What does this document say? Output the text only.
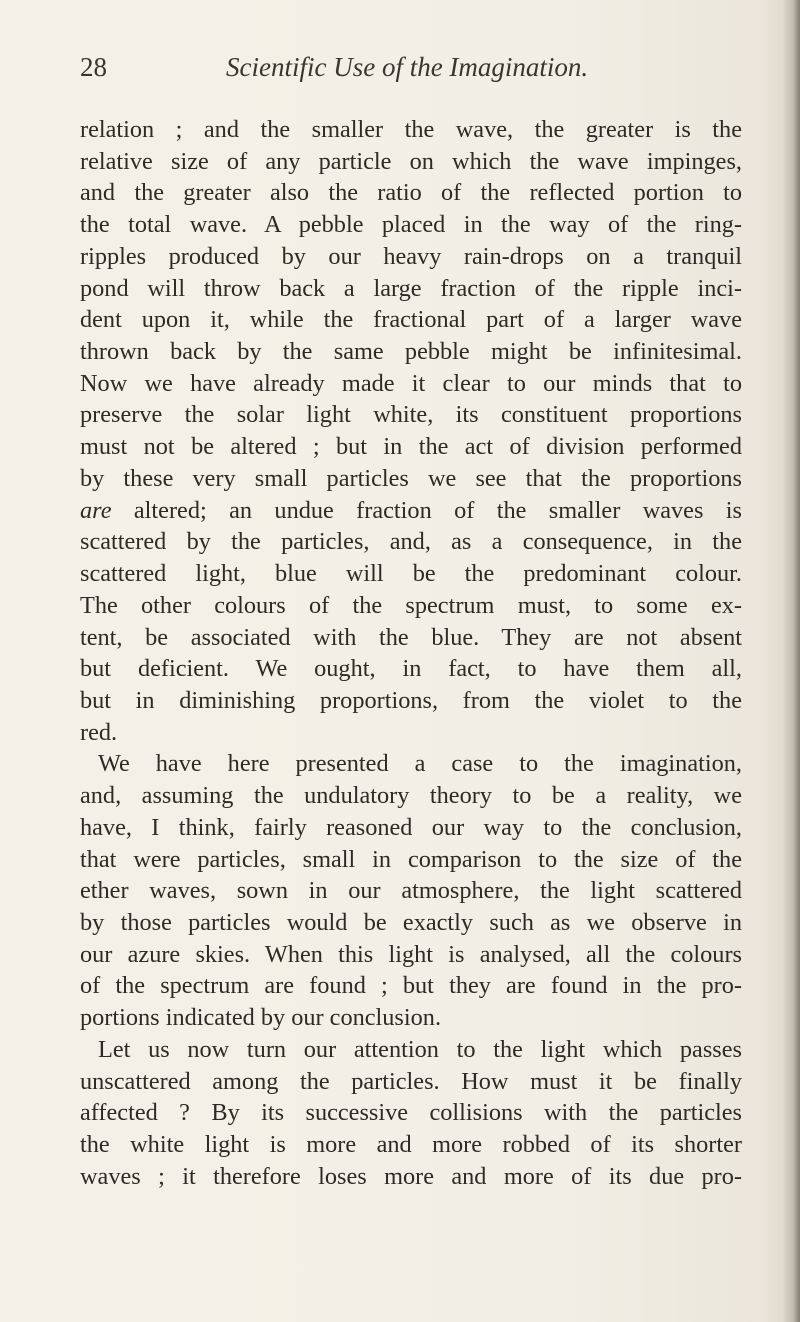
28	Scientific Use of the Imagination.
relation ; and the smaller the wave, the greater is the
relative size of any particle on which the wave impinges,
and the greater also the ratio of the reflected portion to
the total wave. A pebble placed in the way of the ring-
ripples produced by our heavy rain-drops on a tranquil
pond will throw back a large fraction of the ripple inci-
dent upon it, while the fractional part of a larger wave
thrown back by the same pebble might be infinitesimal.
Now we have already made it clear to our minds that to
preserve the solar light white, its constituent proportions
must not be altered ; but in the act of division performed
by these very small particles we see that the proportions
are altered; an undue fraction of the smaller waves is
scattered by the particles, and, as a consequence, in the
scattered light, blue will be the predominant colour.
The other colours of the spectrum must, to some ex-
tent, be associated with the blue. They are not absent
but deficient. We ought, in fact, to have them all,
but in diminishing proportions, from the violet to the
red.
We have here presented a case to the imagination,
and, assuming the undulatory theory to be a reality, we
have, I think, fairly reasoned our way to the conclusion,
that were particles, small in comparison to the size of the
ether waves, sown in our atmosphere, the light scattered
by those particles would be exactly such as we observe in
our azure skies. When this light is analysed, all the colours
of the spectrum are found ; but they are found in the pro-
portions indicated by our conclusion.
Let us now turn our attention to the light which passes
unscattered among the particles. How must it be finally
affected ? By its successive collisions with the particles
the white light is more and more robbed of its shorter
waves ; it therefore loses more and more of its due pro-
